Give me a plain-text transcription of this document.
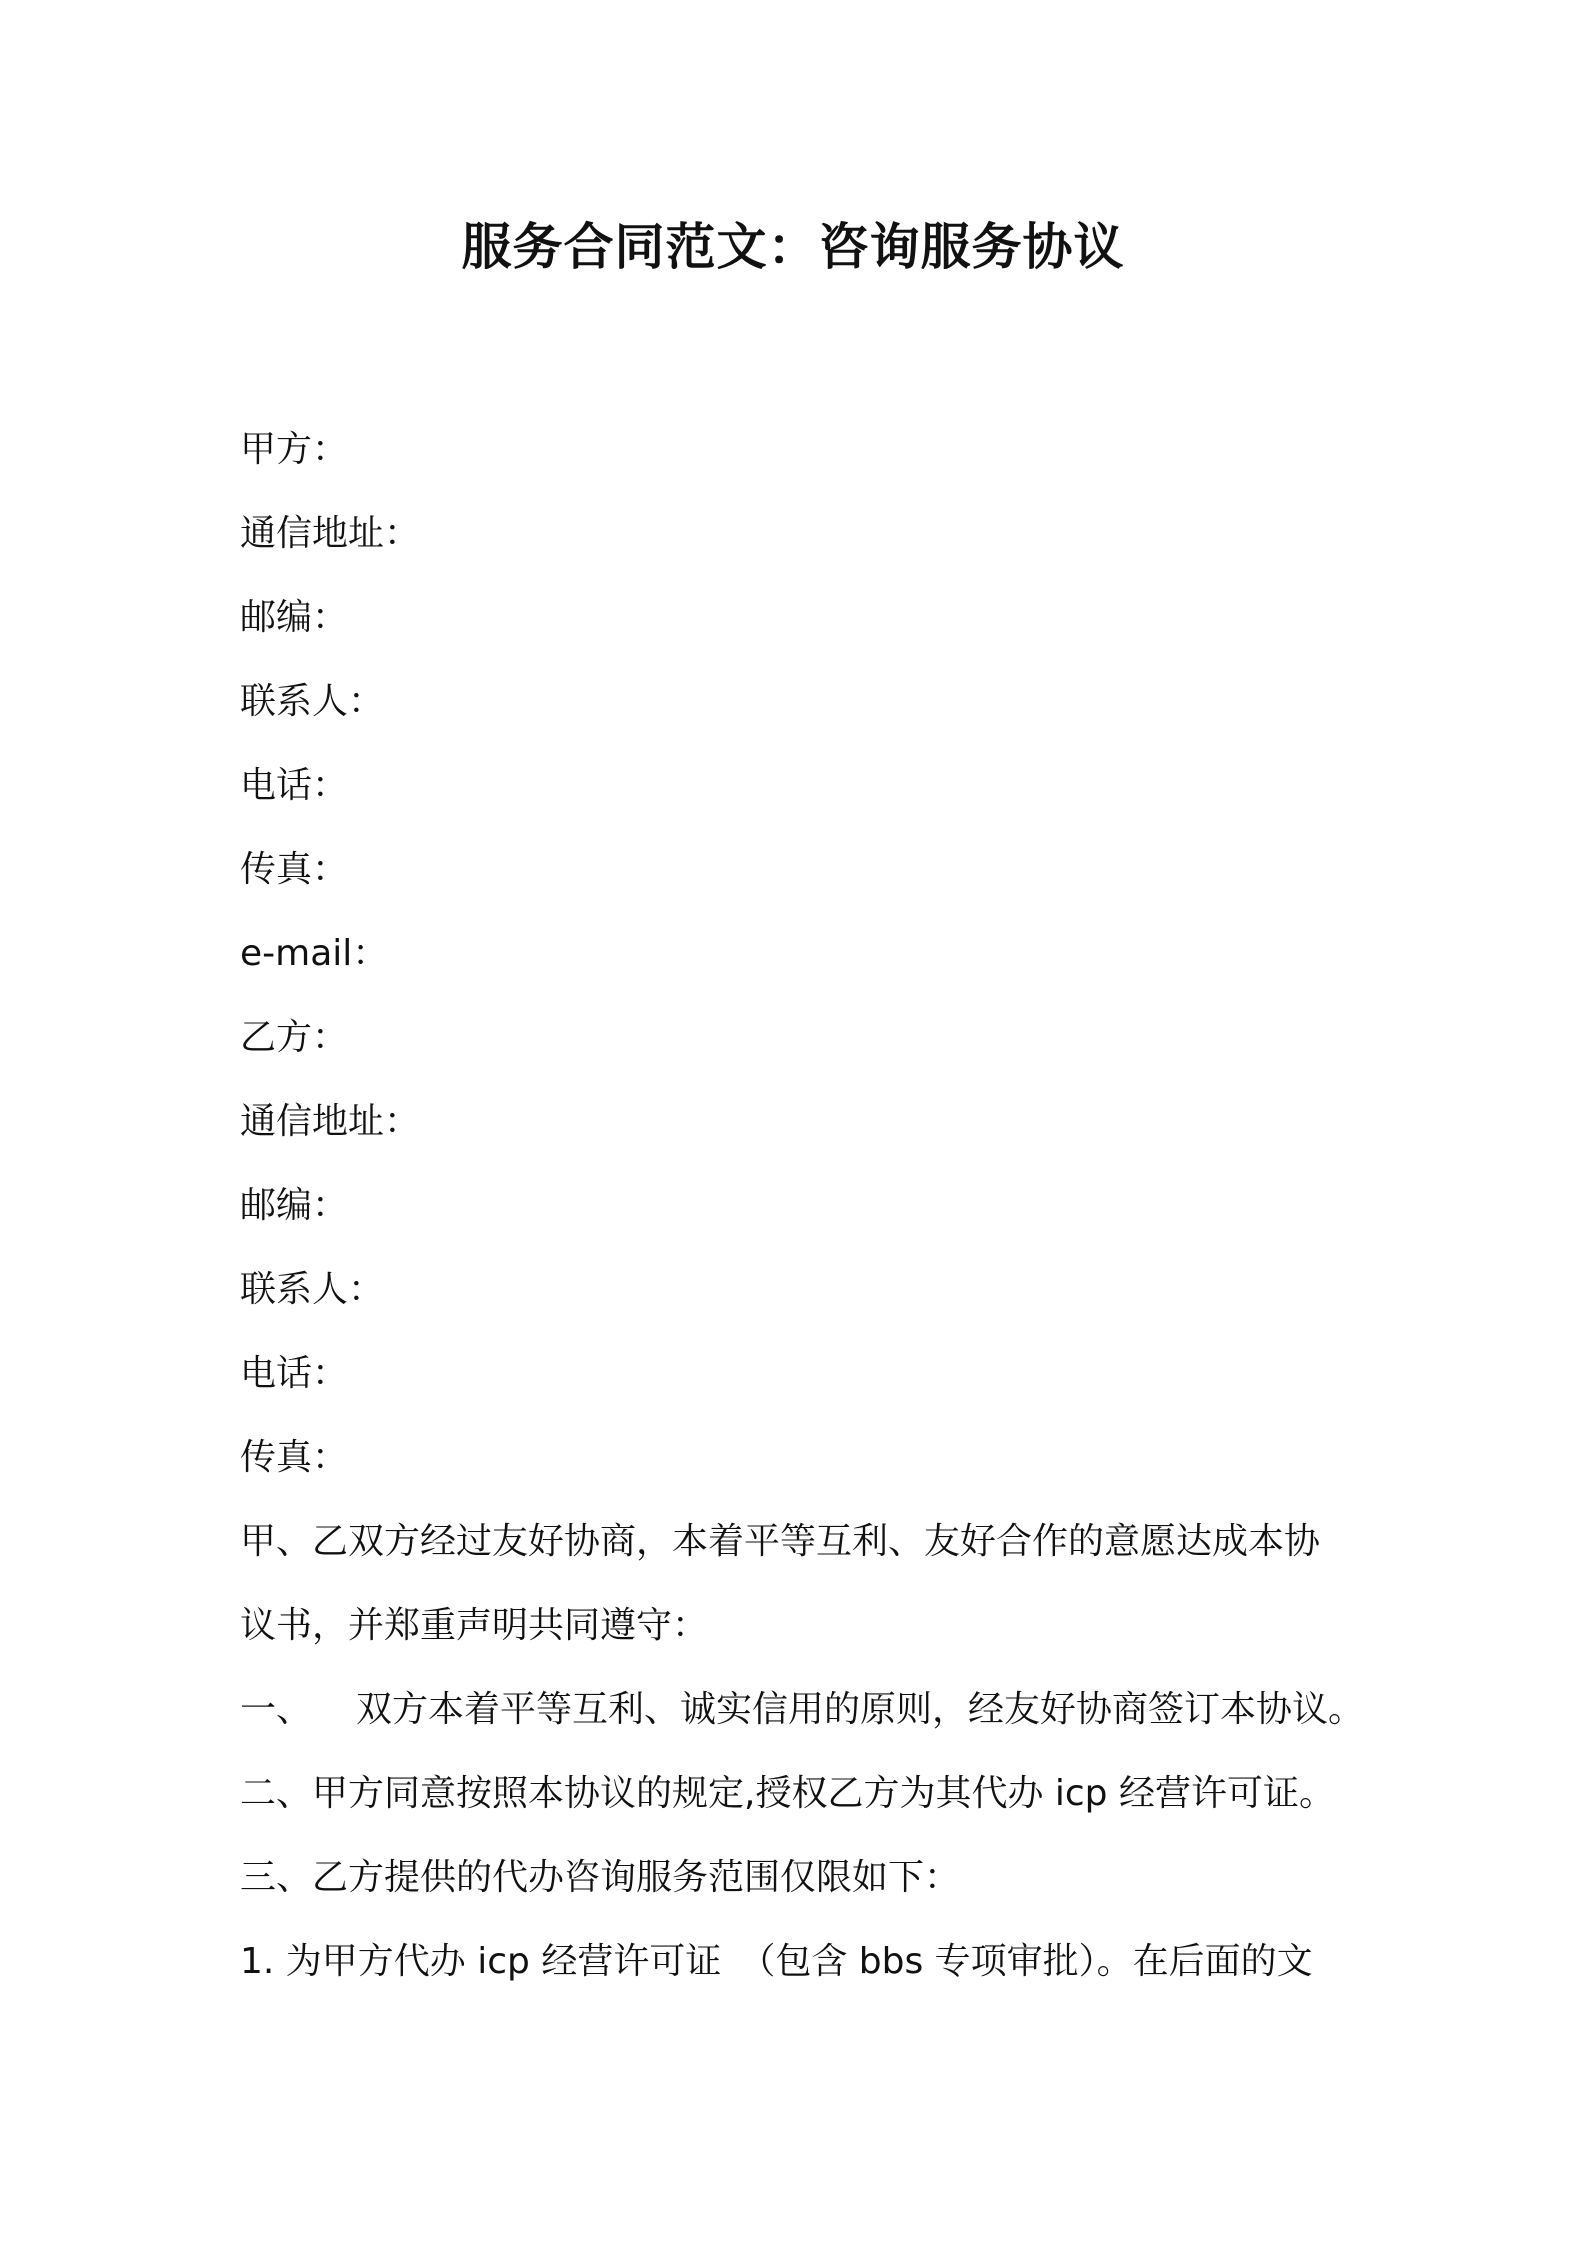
服务合同范文：咨询服务协议

甲方：

通信地址：

邮编：

联系人：

电话：

传真：

e-mail：

乙方：

通信地址：

邮编：

联系人：

电话：

传真：

甲、乙双方经过友好协商，本着平等互利、友好合作的意愿达成本协
议书，并郑重声明共同遵守：

一、 双方本着平等互利、诚实信用的原则，经友好协商签订本协议。

二、甲方同意按照本协议的规定,授权乙方为其代办 icp 经营许可证。

三、乙方提供的代办咨询服务范围仅限如下：

1. 为甲方代办 icp 经营许可证　（包含 bbs 专项审批）。在后面的文
